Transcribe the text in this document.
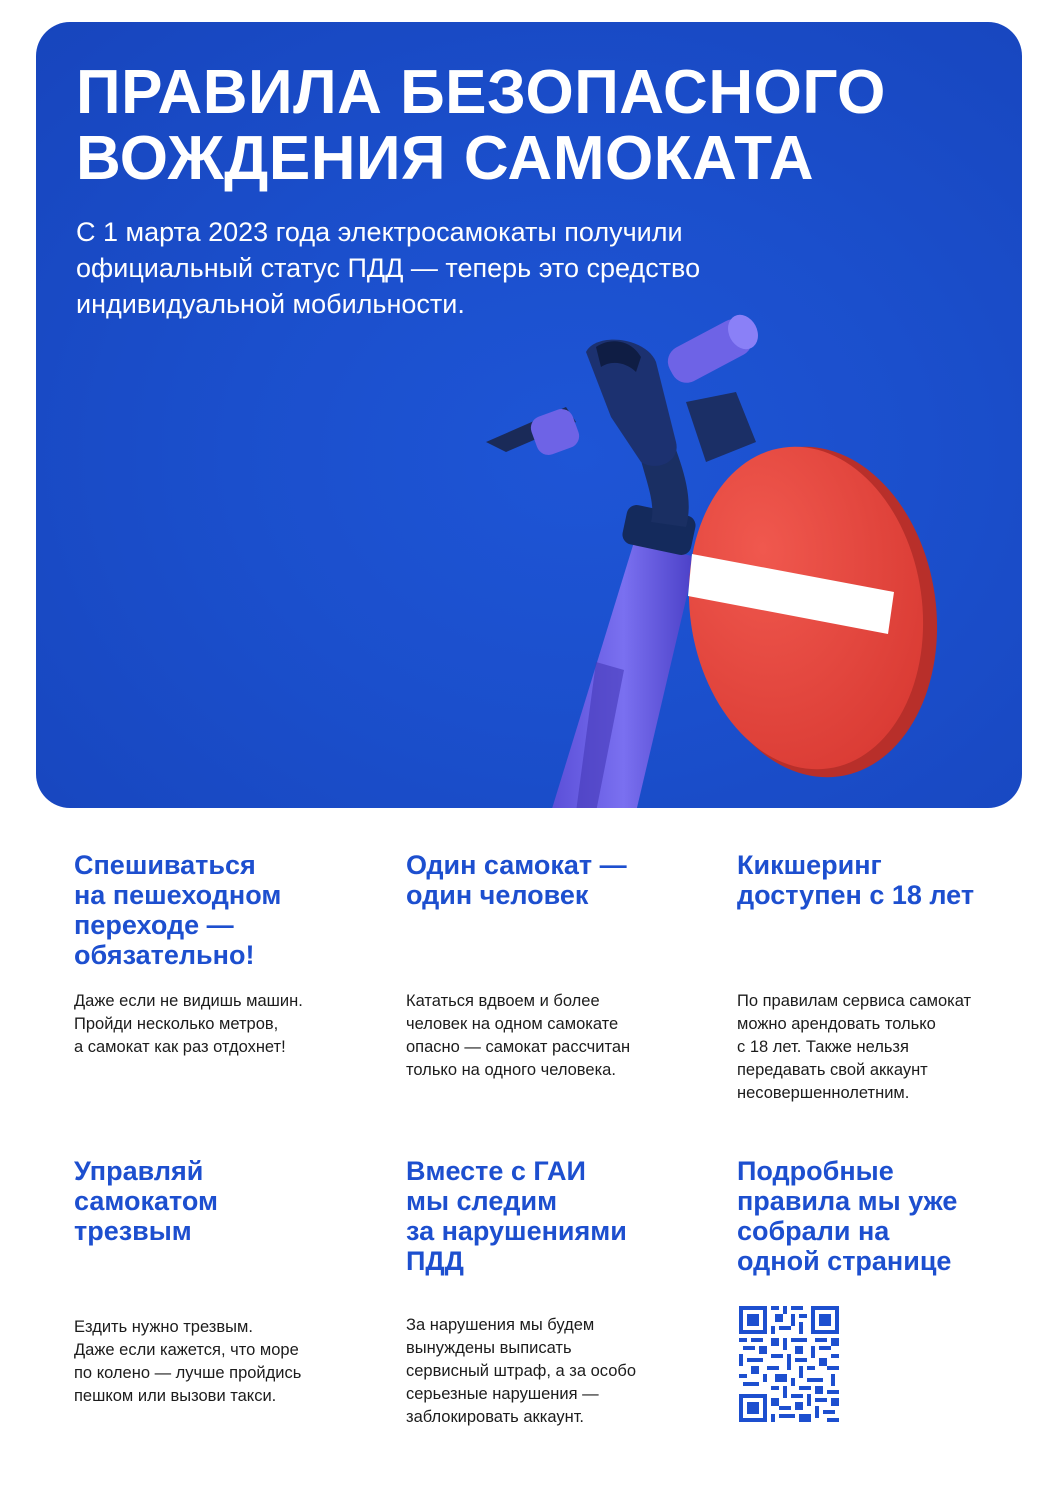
ПРАВИЛА БЕЗОПАСНОГО
ВОЖДЕНИЯ САМОКАТА
С 1 марта 2023 года электросамокаты получили
официальный статус ПДД — теперь это средство
индивидуальной мобильности.
Спешиваться
на пешеходном
переходе —
обязательно!

Даже если не видишь машин.
Пройди несколько метров,
а самокат как раз отдохнет!

Один самокат —
один человек

Кататься вдвоем и более
человек на одном самокате
опасно — самокат рассчитан
только на одного человека.

Кикшеринг
доступен с 18 лет

По правилам сервиса самокат
можно арендовать только
с 18 лет. Также нельзя
передавать свой аккаунт
несовершеннолетним.

Управляй
самокатом
трезвым

Ездить нужно трезвым.
Даже если кажется, что море
по колено — лучше пройдись
пешком или вызови такси.

Вместе с ГАИ
мы следим
за нарушениями
ПДД

За нарушения мы будем
вынуждены выписать
сервисный штраф, а за особо
серьезные нарушения —
заблокировать аккаунт.

Подробные
правила мы уже
собрали на
одной странице
